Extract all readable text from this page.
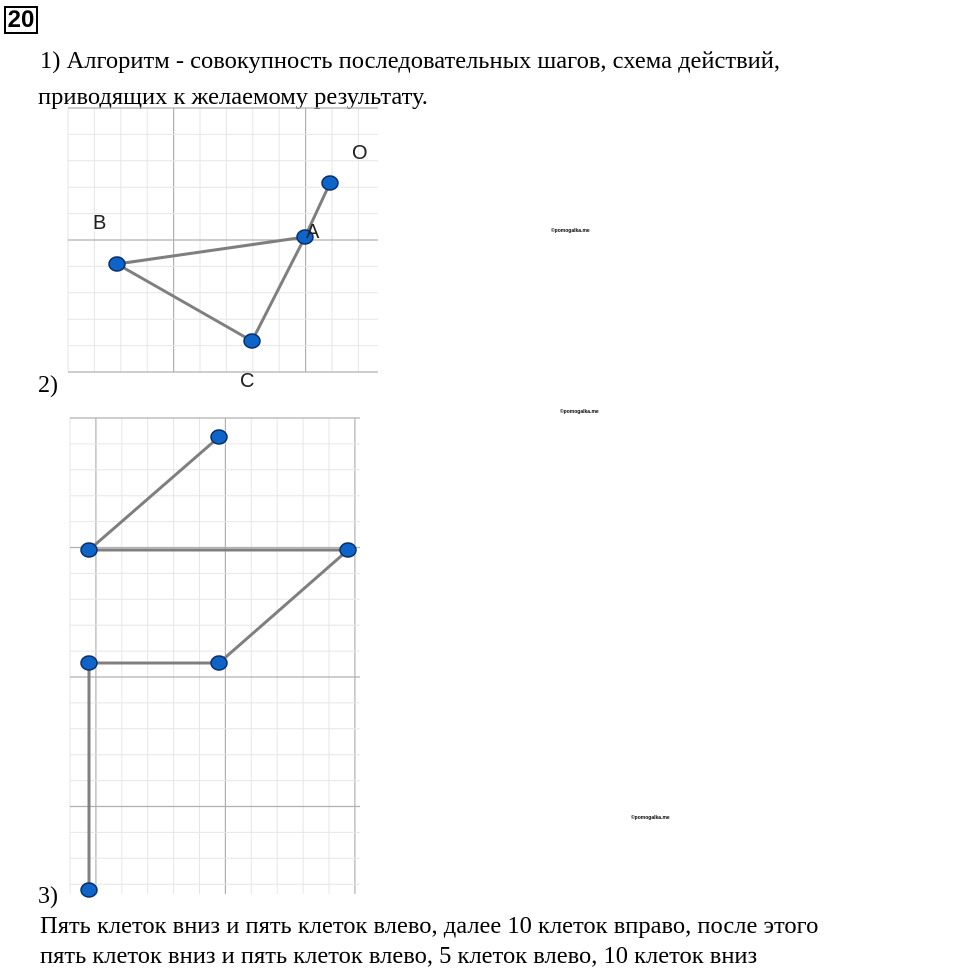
20
1) Алгоритм - совокупность последовательных шагов, схема действий,
приводящих к желаемому результату.
O
A
B
C
2)
3)
©pomogalka.me
©pomogalka.me
©pomogalka.me
Пять клеток вниз и пять клеток влево, далее 10 клеток вправо, после этого
пять клеток вниз и пять клеток влево, 5 клеток влево, 10 клеток вниз
